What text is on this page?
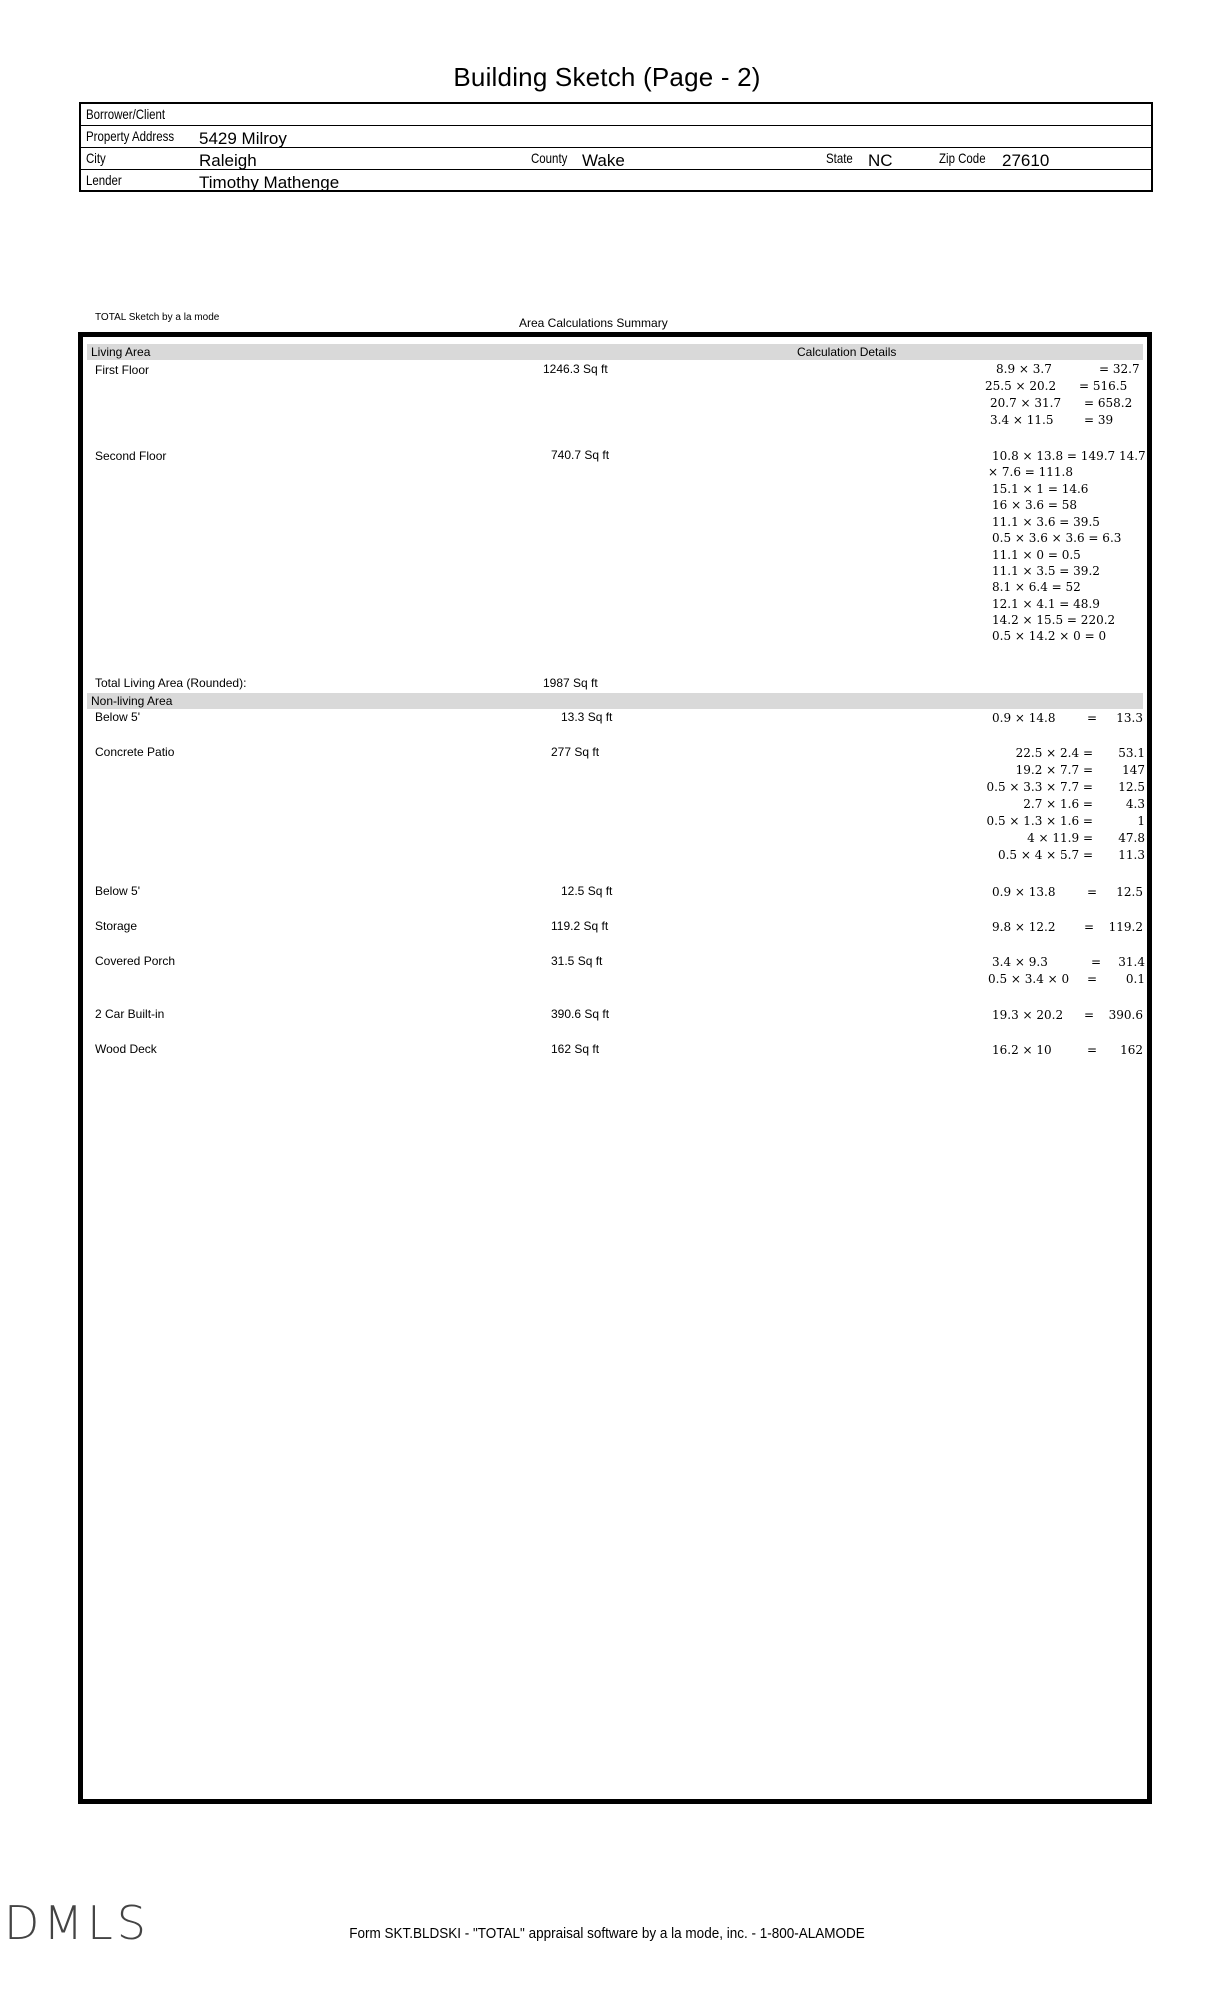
Building Sketch (Page - 2)
Borrower/Client
Property Address 5429 Milroy
City	Raleigh	County Wake	State NC	Zip Code 27610
Lender	Timothy Mathenge
TOTAL Sketch by a la mode	Area Calculations Summary
Living Area	Calculation Details
First Floor	1246.3 Sq ft	8.9 × 3.7	= 32.7
25.5 × 20.2 = 516.5
20.7 × 31.7 = 658.2
3.4 × 11.5	= 39
Second Floor	740.7 Sq ft	10.8 × 13.8 = 149.7 14.7
× 7.6 = 111.8
15.1 × 1 = 14.6
16 × 3.6 = 58
11.1 × 3.6 = 39.5
0.5 × 3.6 × 3.6 = 6.3
11.1 × 0 = 0.5
11.1 × 3.5 = 39.2
8.1 × 6.4 = 52
12.1 × 4.1 = 48.9
14.2 × 15.5 = 220.2
0.5 × 14.2 × 0 = 0
Total Living Area (Rounded):	1987 Sq ft
Non-living Area
Below 5'	13.3 Sq ft	0.9 × 14.8	=	13.3
Concrete Patio	277 Sq ft	22.5 × 2.4 =	53.1
19.2 × 7.7 =	147
0.5 × 3.3 × 7.7 =	12.5
2.7 × 1.6 =	4.3
0.5 × 1.3 × 1.6 =	1
4 × 11.9 =	47.8
0.5 × 4 × 5.7 =	11.3
Below 5'	12.5 Sq ft	0.9 × 13.8	=	12.5
Storage	119.2 Sq ft	9.8 × 12.2 =	119.2
Covered Porch	31.5 Sq ft	3.4 × 9.3	=	31.4
0.5 × 3.4 × 0 =	0.1
2 Car Built-in	390.6 Sq ft	19.3 × 20.2 =	390.6
Wood Deck	162 Sq ft	16.2 × 10	=	162
DMLS	Form SKT.BLDSKI - "TOTAL" appraisal software by a la mode, inc. - 1-800-ALAMODE
